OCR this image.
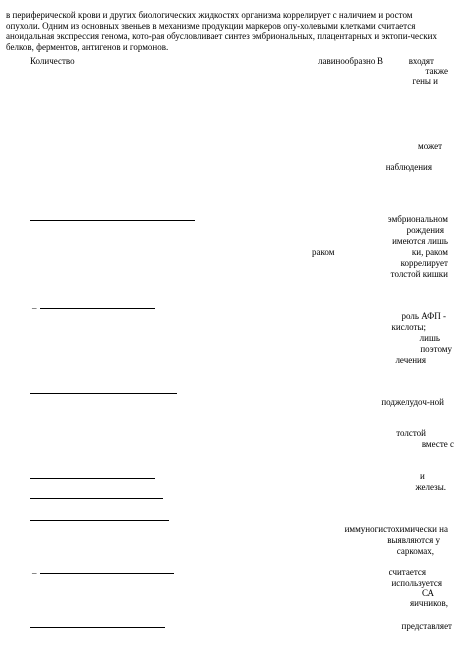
в периферической крови и других биологических жидкостях организма коррелирует с наличием и ростом
опухоли. Одним из основных звеньев в механизме продукции маркеров опу-холевыми клетками считается
аноидальная экспрессия генома, кото-рая обусловливает синтез эмбриональных, плацентарных и эктопи-ческих
белков, ферментов, антигенов и гормонов.
Количество	лавинообразно В	входят
также
гены и
может
наблюдения
эмбриональном
рождения
имеются лишь
раком	ки, раком
коррелирует
толстой кишки
_
роль АФП -
кислоты;
лишь
поэтому
лечения
поджелудоч-ной
толстой
вместе с
и
железы.
иммуногистохимически на
выявляются у
саркомах,
_	считается
используется
СА
яичников,
представляет
